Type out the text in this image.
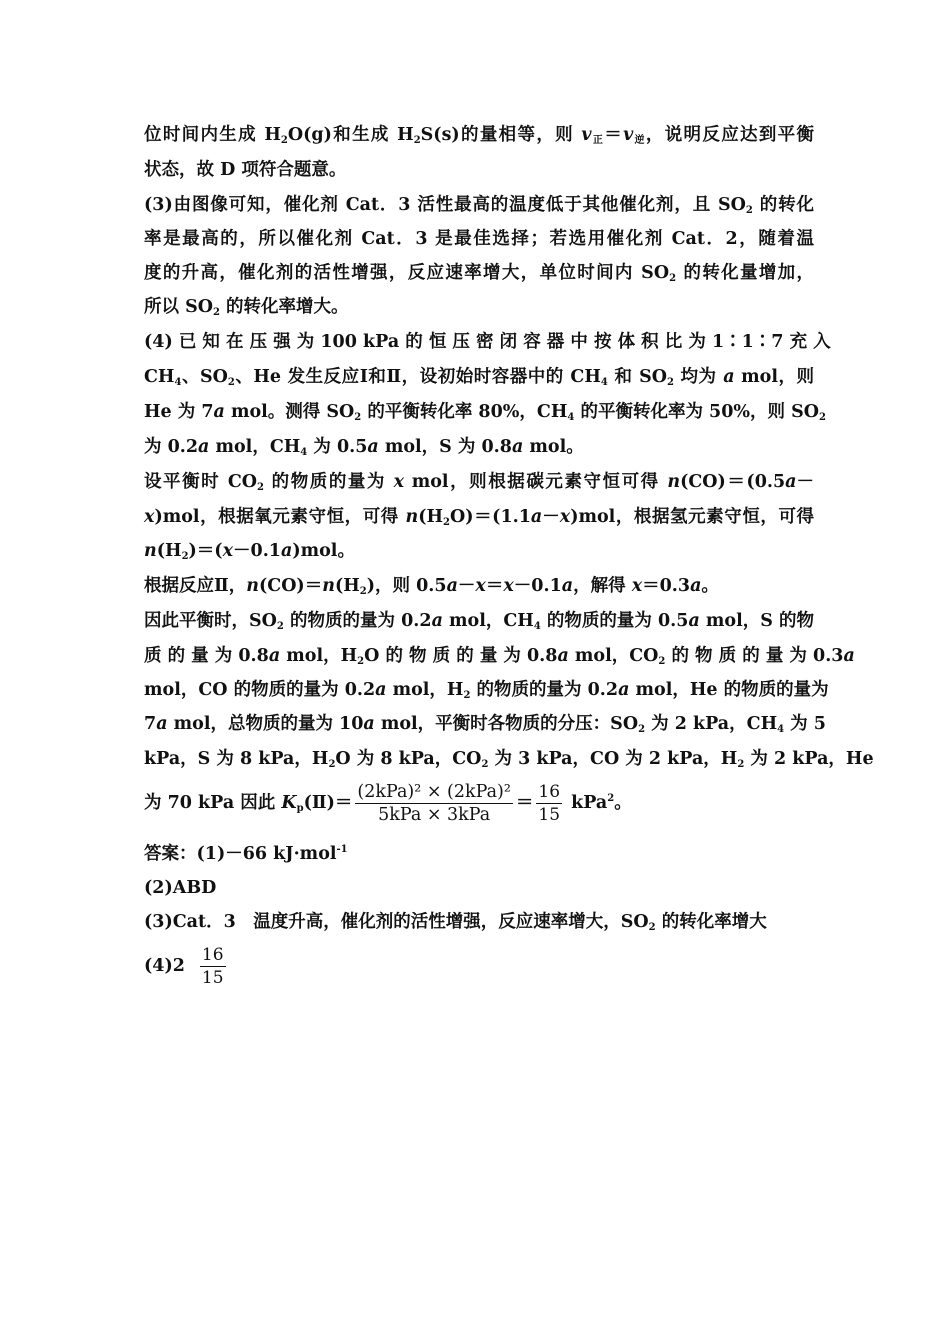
位时间内生成 $H_2O(g)$和生成 $H_2S(s)$的量相等，则 $v_正=v_逆$，说明反应达到平衡
状态，故 D 项符合题意。
(3)由图像可知，催化剂 Cat．3 活性最高的温度低于其他催化剂，且 $SO_2$ 的转化
率是最高的，所以催化剂 Cat．3 是最佳选择；若选用催化剂 Cat．2，随着温
度的升高，催化剂的活性增强，反应速率增大，单位时间内 $SO_2$ 的转化量增加，
所以 $SO_2$ 的转化率增大。
(4) 已 知 在 压 强 为 100 kPa 的 恒 压 密 闭 容 器 中 按 体 积 比 为 1∶1∶7 充 入
$CH_4$、$SO_2$、He 发生反应Ⅰ和Ⅱ，设初始时容器中的 $CH_4$ 和 $SO_2$ 均为 a mol，则
He 为 7a mol。测得 $SO_2$ 的平衡转化率 80%，$CH_4$ 的平衡转化率为 50%，则 $SO_2$
为 0.2a mol，$CH_4$ 为 0.5a mol，S 为 0.8a mol。
设平衡时 $CO_2$ 的物质的量为 x mol，则根据碳元素守恒可得 n(CO)＝(0.5a－
x)mol，根据氧元素守恒，可得 $n(H_2O)=(1.1a-x)mol$，根据氢元素守恒，可得
$n(H_2)=(x-0.1a)mol$。
根据反应Ⅱ，$n(CO)=n(H_2)$，则 0.5a－x＝x－0.1a，解得 x＝0.3a。
因此平衡时，$SO_2$ 的物质的量为 0.2a mol，$CH_4$ 的物质的量为 0.5a mol，S 的物
质 的 量 为 0.8a mol，$H_2O$ 的 物 质 的 量 为 0.8a mol，$CO_2$ 的 物 质 的 量 为 0.3a
mol，CO 的物质的量为 0.2a mol，$H_2$ 的物质的量为 0.2a mol，He 的物质的量为
7a mol，总物质的量为 10a mol，平衡时各物质的分压：$SO_2$ 为 2 kPa，$CH_4$ 为 5
kPa，S 为 8 kPa，$H_2O$ 为 8 kPa，$CO_2$ 为 3 kPa，CO 为 2 kPa，$H_2$ 为 2 kPa，He
为 70 kPa 因此 $K_p(Ⅱ)= \frac{\text{(2kPa)² × (2kPa)²}}{\text{5kPa × 3kPa}} = \frac{16}{15} kPa^2$。
答案：(1)－66 kJ·mol$^{-1}$
(2)ABD
(3)Cat．3　温度升高，催化剂的活性增强，反应速率增大，$SO_2$ 的转化率增大
$(4)2 \frac{16}{15}$
